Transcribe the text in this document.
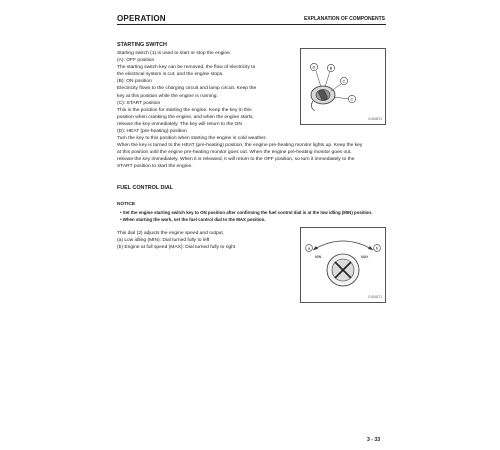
OPERATION	EXPLANATION OF COMPONENTS
STARTING SWITCH
Starting switch (1) is used to start or stop the engine.
(A): OFF position
The starting switch key can be removed, the flow of electricity to
the electrical system is cut, and the engine stops.
(B): ON position
Electricity flows to the charging circuit and lamp circuit. Keep the
key at this position while the engine is running.
(C): START position
This is the position for starting the engine. Keep the key in this
position when cranking the engine, and when the engine starts,
release the key immediately. The key will return to the ON
(D): HEAT (pre-heating) position
Turn the key to this position when starting the engine in cold weather.
When the key is turned to the HEAT (pre-heating) position, the engine pre-heating monitor lights up. Keep the key
at this position until the engine pre-heating monitor goes out. When the engine pre-heating monitor goes out,
release the key immediately. When it is released, it will return to the OFF position, so turn it immediately to the
START position to start the engine.
D	B
C
C
0-004071
FUEL CONTROL DIAL
NOTICE
• Set the engine starting switch key to ON position after confirming the fuel control dial is at the low idling (MIN) position.
• When starting the work, set the fuel control dial to the MAX position.
This dial (2) adjusts the engine speed and output.
(a) Low idling (MIN): Dial turned fully to left
(b) Engine at full speed (MAX): Dial turned fully to right	a	b
MIN	MAX
0-004171
3 - 33
